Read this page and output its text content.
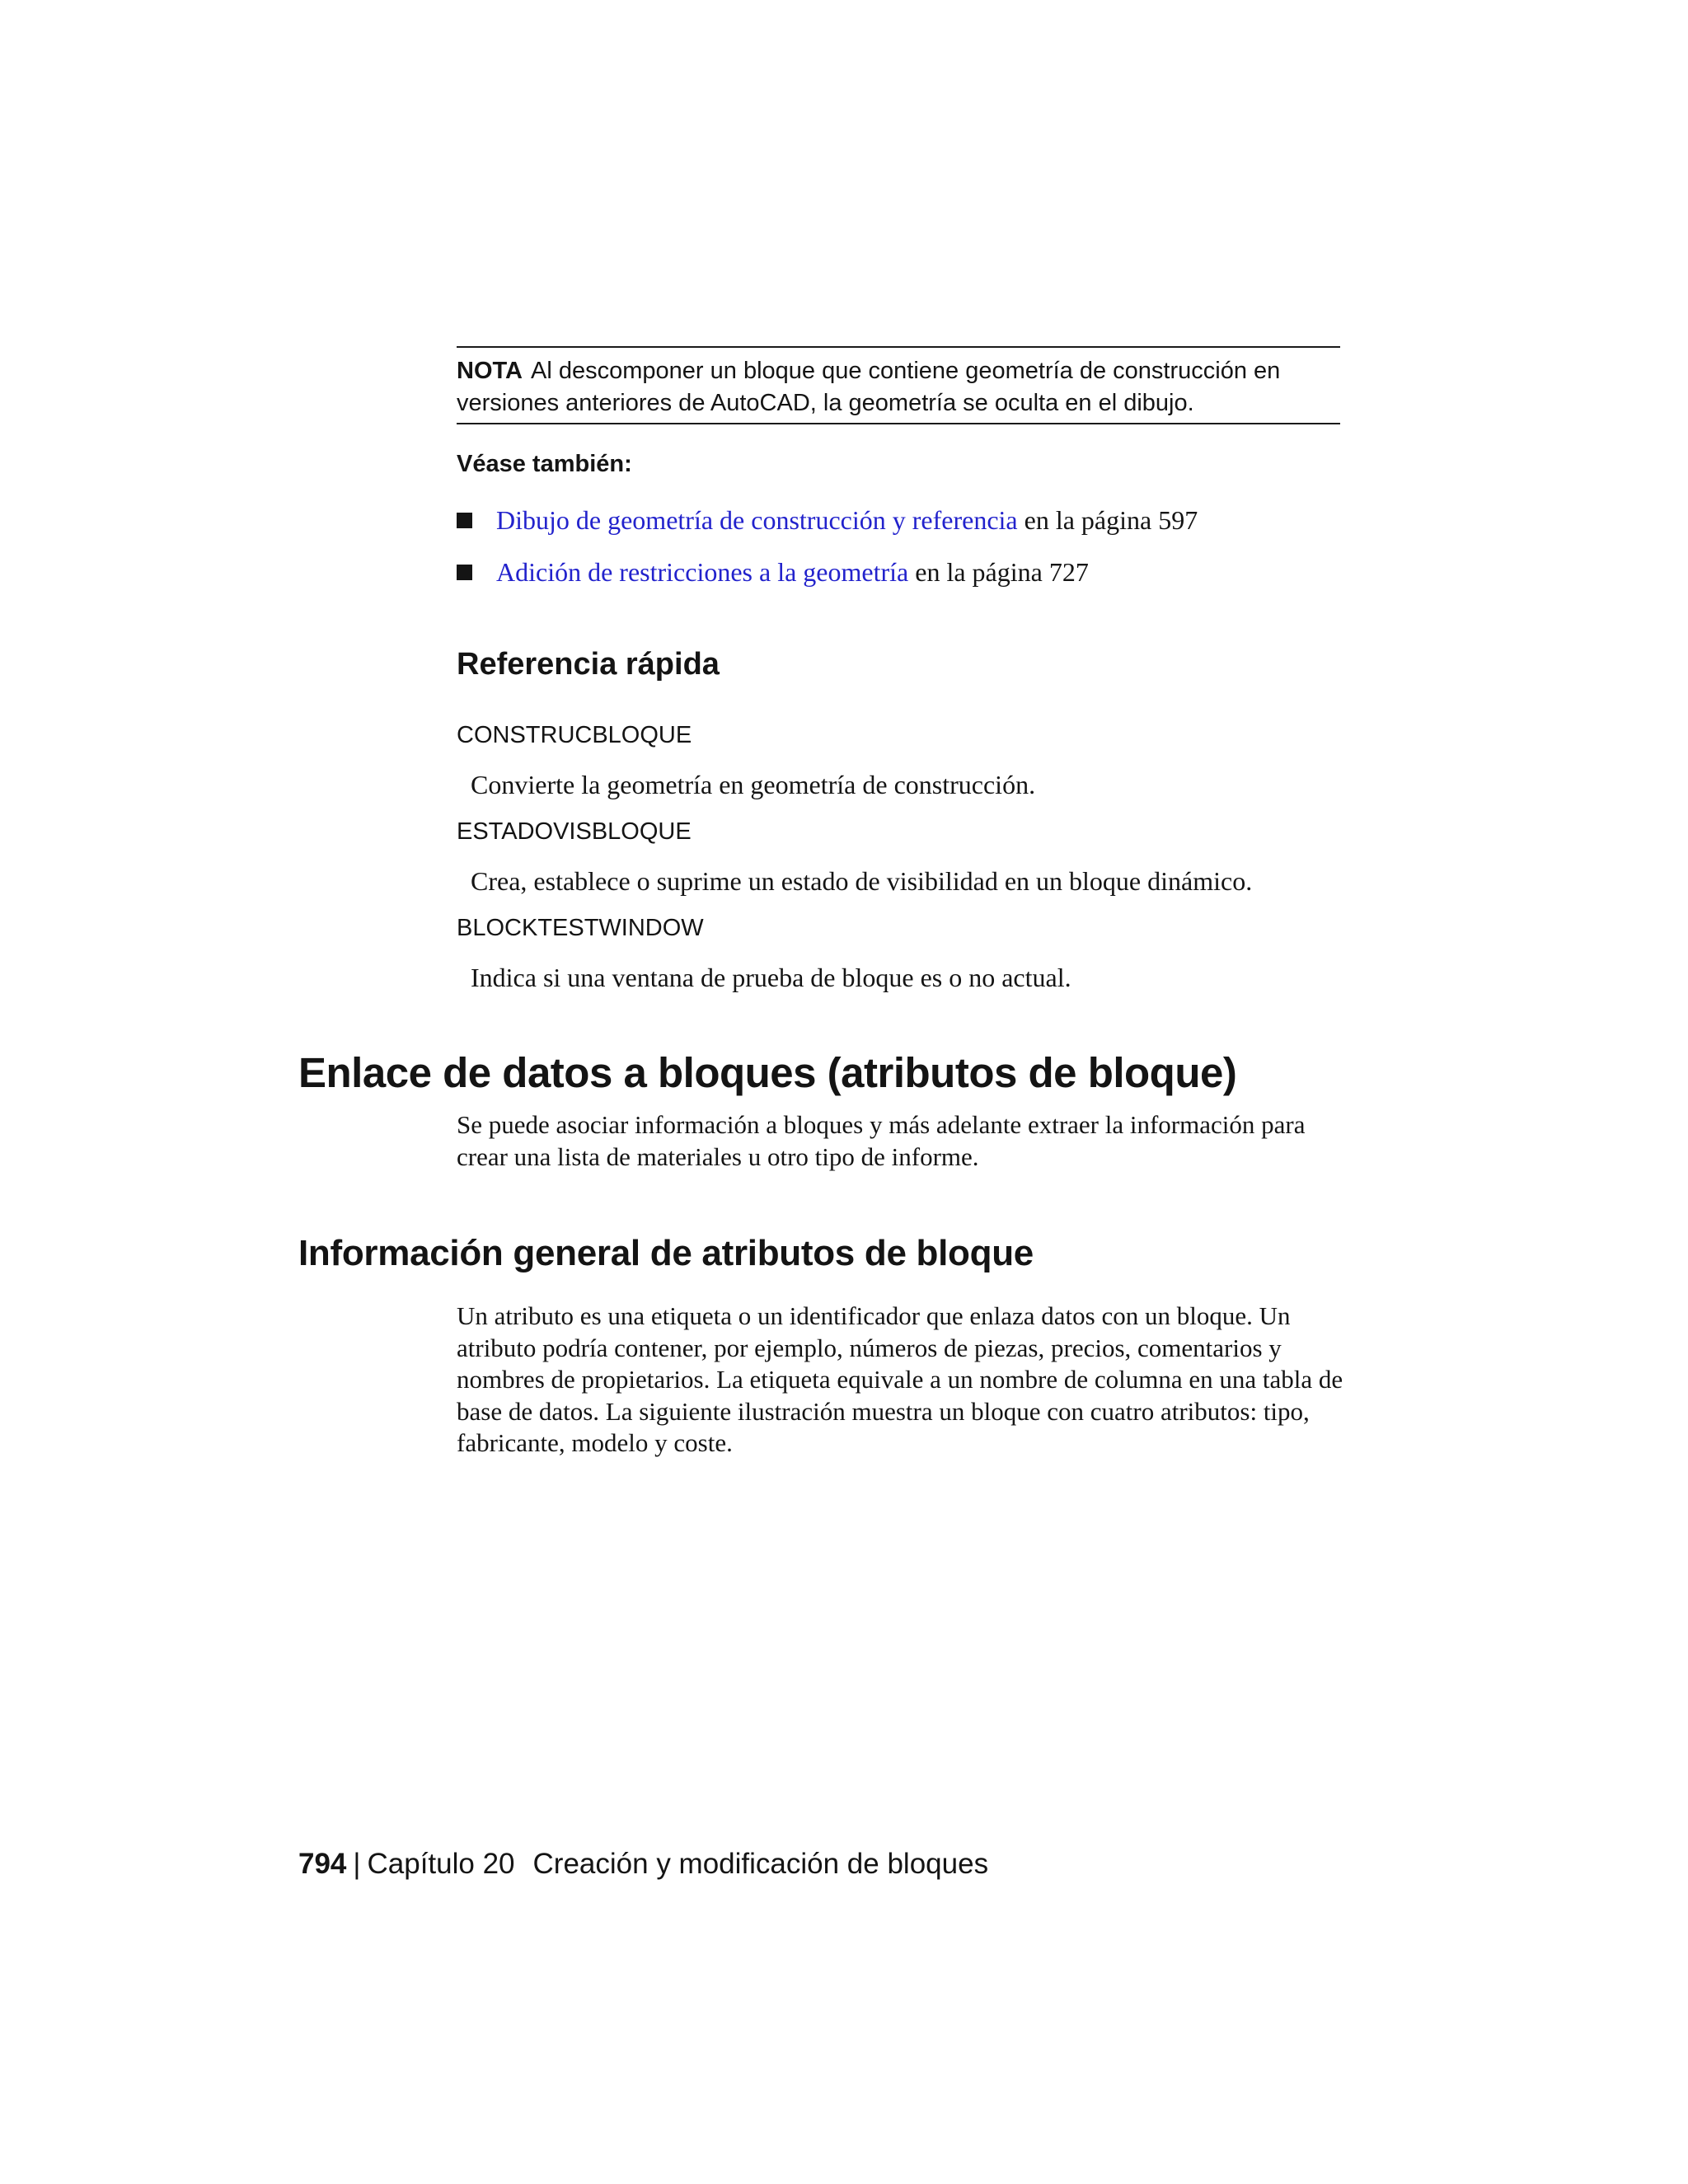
NOTA Al descomponer un bloque que contiene geometría de construcción en versiones anteriores de AutoCAD, la geometría se oculta en el dibujo.
Véase también:
Dibujo de geometría de construcción y referencia en la página 597
Adición de restricciones a la geometría en la página 727
Referencia rápida
CONSTRUCBLOQUE
Convierte la geometría en geometría de construcción.
ESTADOVISBLOQUE
Crea, establece o suprime un estado de visibilidad en un bloque dinámico.
BLOCKTESTWINDOW
Indica si una ventana de prueba de bloque es o no actual.
Enlace de datos a bloques (atributos de bloque)

Se puede asociar información a bloques y más adelante extraer la información para crear una lista de materiales u otro tipo de informe.

Información general de atributos de bloque

Un atributo es una etiqueta o un identificador que enlaza datos con un bloque. Un atributo podría contener, por ejemplo, números de piezas, precios, comentarios y nombres de propietarios. La etiqueta equivale a un nombre de columna en una tabla de base de datos. La siguiente ilustración muestra un bloque con cuatro atributos: tipo, fabricante, modelo y coste.

794 | Capítulo 20 Creación y modificación de bloques
